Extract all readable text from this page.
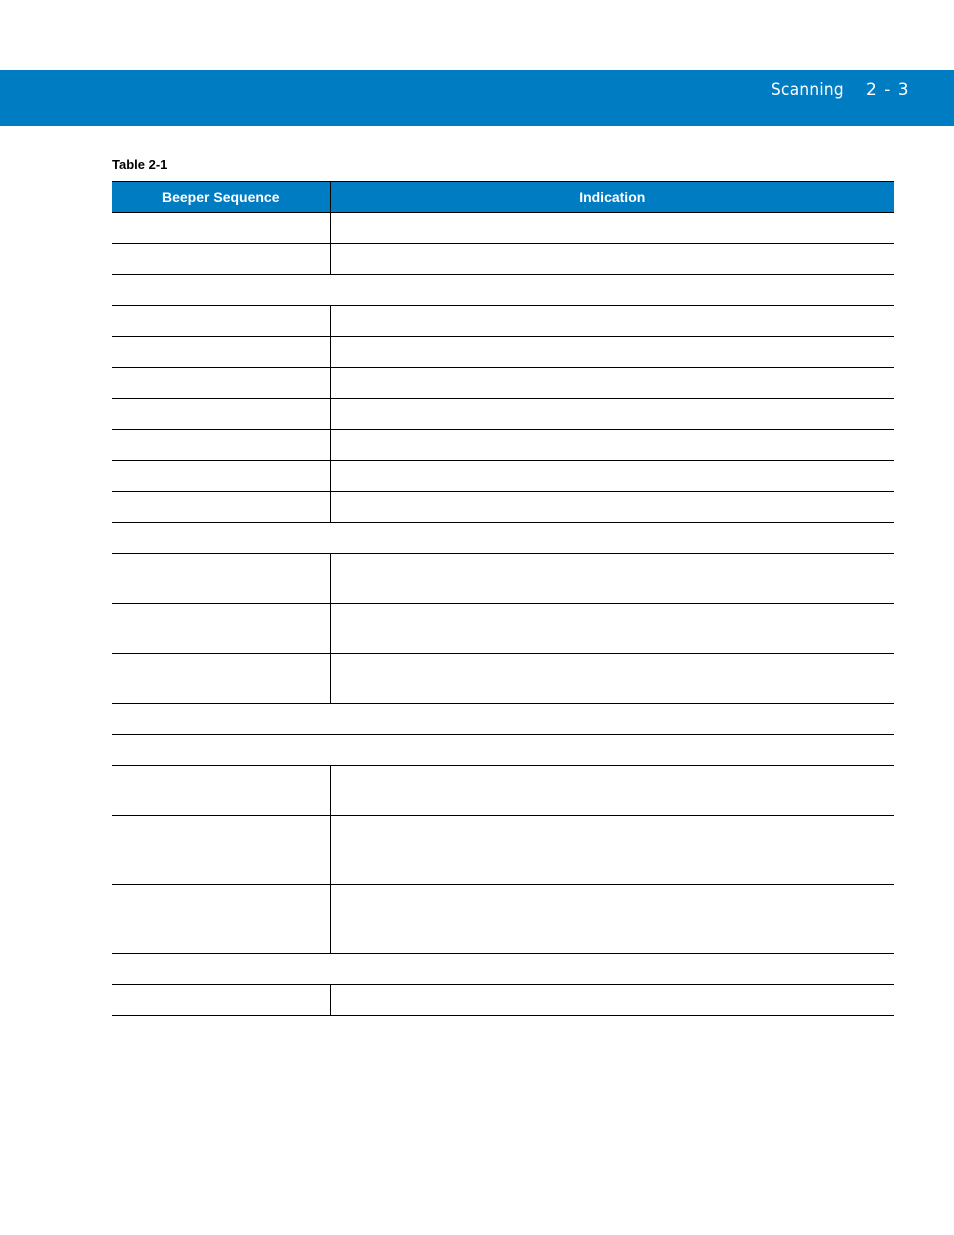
Scanning 2 - 3
Table 2-1
Beeper Sequence	Indication
